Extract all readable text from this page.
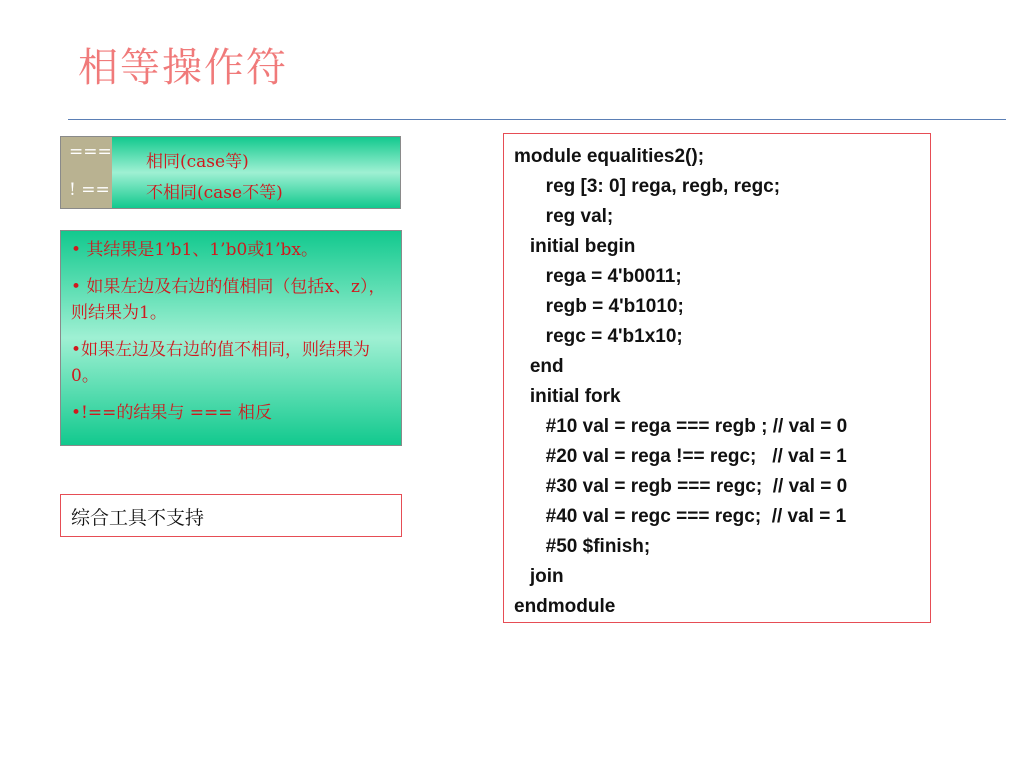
相等操作符
===
! ==
相同(case等)
不相同(case不等)

• 其结果是1’b1、1’b0或1’bx。

• 如果左边及右边的值相同（包括x、z），则结果为1。

•如果左边及右边的值不相同，则结果为0。

•!==的结果与 === 相反

综合工具不支持
module equalities2();
reg [3: 0] rega, regb, regc;
reg val;
initial begin
rega = 4'b0011;
regb = 4'b1010;
regc = 4'b1x10;
end
initial fork
#10 val = rega === regb ; // val = 0
#20 val = rega !== regc;   // val = 1
#30 val = regb === regc;  // val = 0
#40 val = regc === regc;  // val = 1
#50 $finish;
join
endmodule
